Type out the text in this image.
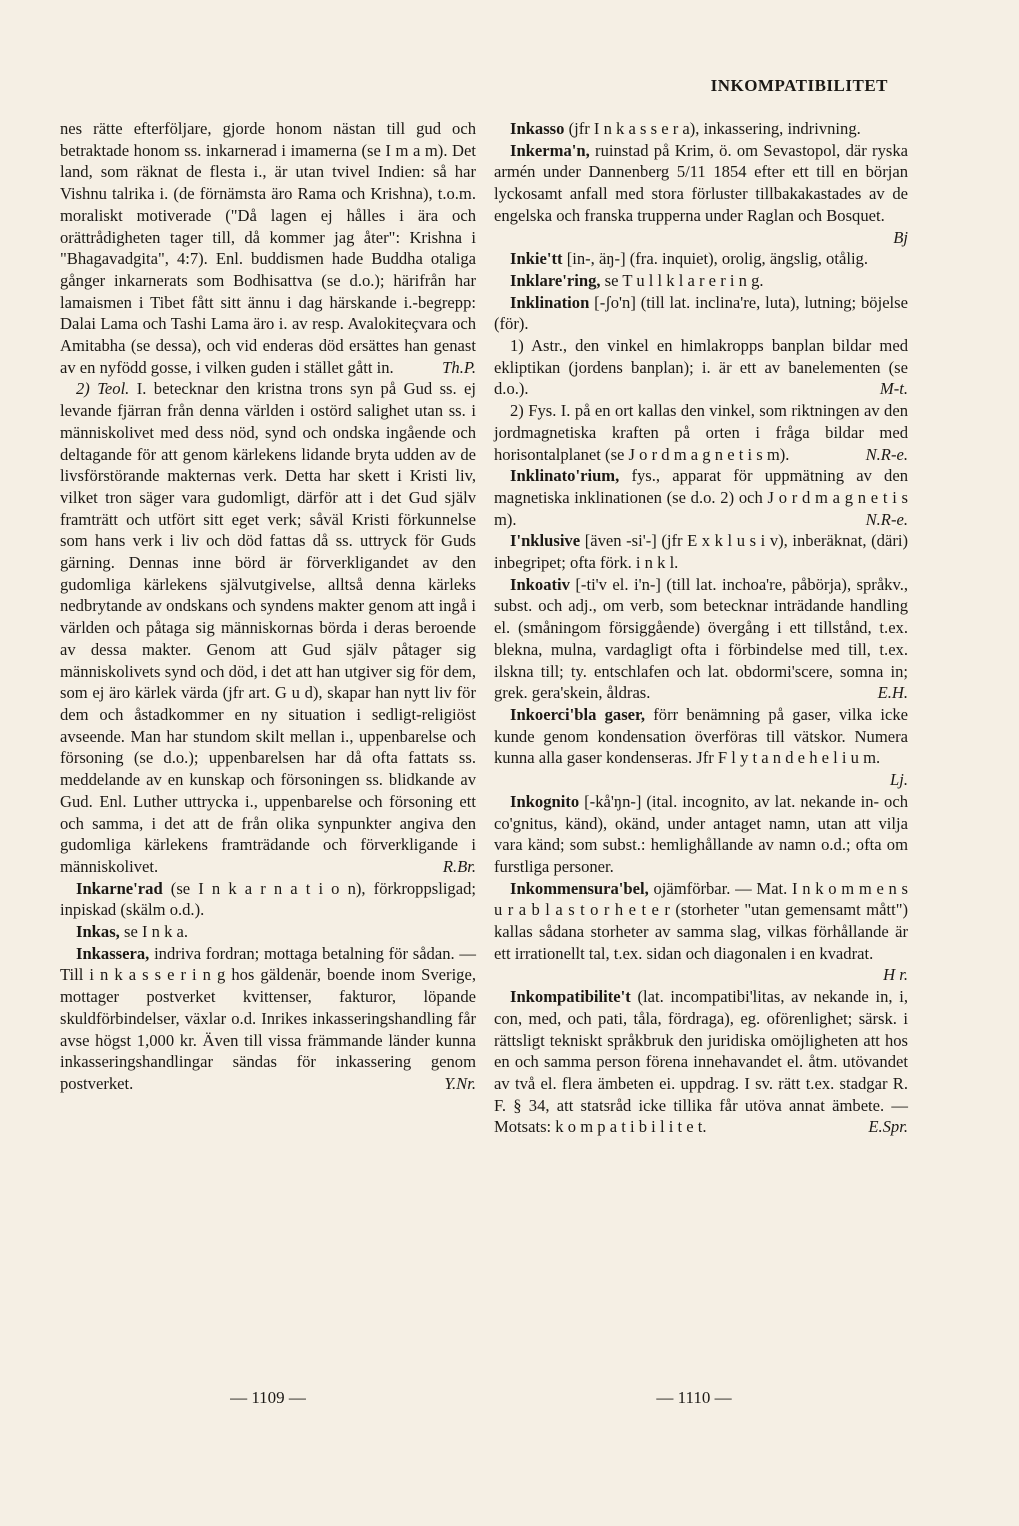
INKOMPATIBILITET

nes rätte efterföljare, gjorde honom nästan till gud och betraktade honom ss. inkarnerad i imamerna (se I m a m). Det land, som räknat de flesta i., är utan tvivel Indien: så har Vishnu talrika i. (de förnämsta äro Rama och Krishna), t.o.m. moraliskt motiverade ("Då lagen ej hålles i ära och orättrådigheten tager till, då kommer jag åter": Krishna i "Bhagavadgita", 4:7). Enl. buddismen hade Buddha otaliga gånger inkarnerats som Bodhisattva (se d.o.); härifrån har lamaismen i Tibet fått sitt ännu i dag härskande i.-begrepp: Dalai Lama och Tashi Lama äro i. av resp. Avalokiteçvara och Amitabha (se dessa), och vid enderas död ersättes han genast av en nyfödd gosse, i vilken guden i stället gått in.	Th.P.

2) Teol. I. betecknar den kristna trons syn på Gud ss. ej levande fjärran från denna världen i ostörd salighet utan ss. i människolivet med dess nöd, synd och ondska ingående och deltagande för att genom kärlekens lidande bryta udden av de livsförstörande makternas verk. Detta har skett i Kristi liv, vilket tron säger vara gudomligt, därför att i det Gud själv framträtt och utfört sitt eget verk; såväl Kristi förkunnelse som hans verk i liv och död fattas då ss. uttryck för Guds gärning. Dennas inne börd är förverkligandet av den gudomliga kärlekens självutgivelse, alltså denna kärleks nedbrytande av ondskans och syndens makter genom att ingå i världen och påtaga sig människornas börda i deras beroende av dessa makter. Genom att Gud själv påtager sig människolivets synd och död, i det att han utgiver sig för dem, som ej äro kärlek värda (jfr art. G u d), skapar han nytt liv för dem och åstadkommer en ny situation i sedligt-religiöst avseende. Man har stundom skilt mellan i., uppenbarelse och försoning (se d.o.); uppenbarelsen har då ofta fattats ss. meddelande av en kunskap och försoningen ss. blidkande av Gud. Enl. Luther uttrycka i., uppenbarelse och försoning ett och samma, i det att de från olika synpunkter angiva den gudomliga kärlekens framträdande och förverkligande i människolivet.	R.Br.

Inkarne'rad (se I n k a r n a t i o n), förkroppsligad; inpiskad (skälm o.d.).

Inkas, se I n k a.

Inkassera, indriva fordran; mottaga betalning för sådan. — Till i n k a s s e r i n g hos gäldenär, boende inom Sverige, mottager postverket kvittenser, fakturor, löpande skuldförbindelser, växlar o.d. Inrikes inkasseringshandling får avse högst 1,000 kr. Även till vissa främmande länder kunna inkasseringshandlingar sändas för inkassering genom postverket.	Y.Nr.

Inkasso (jfr I n k a s s e r a), inkassering, indrivning.

Inkerma'n, ruinstad på Krim, ö. om Sevastopol, där ryska armén under Dannenberg 5/11 1854 efter ett till en början lyckosamt anfall med stora förluster tillbakakastades av de engelska och franska trupperna under Raglan och Bosquet.
Bj

Inkie'tt [in-, äŋ-] (fra. inquiet), orolig, ängslig, otålig.

Inklare'ring, se T u l l k l a r e r i n g.

Inklination [-ʃo'n] (till lat. inclina're, luta), lutning; böjelse (för).

1) Astr., den vinkel en himlakropps banplan bildar med ekliptikan (jordens banplan); i. är ett av banelementen (se d.o.).	M-t.

2) Fys. I. på en ort kallas den vinkel, som riktningen av den jordmagnetiska kraften på orten i fråga bildar med horisontalplanet (se J o r d m a g n e t i s m).	N.R-e.

Inklinato'rium, fys., apparat för uppmätning av den magnetiska inklinationen (se d.o. 2) och J o r d m a g n e t i s m).	N.R-e.

I'nklusive [även -si'-] (jfr E x k l u s i v), inberäknat, (däri) inbegripet; ofta förk. i n k l.

Inkoativ [-ti'v el. i'n-] (till lat. inchoa're, påbörja), språkv., subst. och adj., om verb, som betecknar inträdande handling el. (småningom försiggående) övergång i ett tillstånd, t.ex. blekna, mulna, vardagligt ofta i förbindelse med till, t.ex. ilskna till; ty. entschlafen och lat. obdormi'scere, somna in; grek. gera'skein, åldras.	E.H.

Inkoerci'bla gaser, förr benämning på gaser, vilka icke kunde genom kondensation överföras till vätskor. Numera kunna alla gaser kondenseras. Jfr F l y t a n d e h e l i u m.
Lj.

Inkognito [-kå'ŋn-] (ital. incognito, av lat. nekande in- och co'gnitus, känd), okänd, under antaget namn, utan att vilja vara känd; som subst.: hemlighållande av namn o.d.; ofta om furstliga personer.

Inkommensura'bel, ojämförbar. — Mat. I n k o m m e n s u r a b l a s t o r h e t e r (storheter "utan gemensamt mått") kallas sådana storheter av samma slag, vilkas förhållande är ett irrationellt tal, t.ex. sidan och diagonalen i en kvadrat.
H r.

Inkompatibilite't (lat. incompatibi'litas, av nekande in, i, con, med, och pati, tåla, fördraga), eg. oförenlighet; särsk. i rättsligt tekniskt språkbruk den juridiska omöjligheten att hos en och samma person förena innehavandet el. åtm. utövandet av två el. flera ämbeten ei. uppdrag. I sv. rätt t.ex. stadgar R. F. § 34, att statsråd icke tillika får utöva annat ämbete. — Motsats: k o m p a t i b i l i t e t.	E.Spr.

— 1109 —	— 1110 —
